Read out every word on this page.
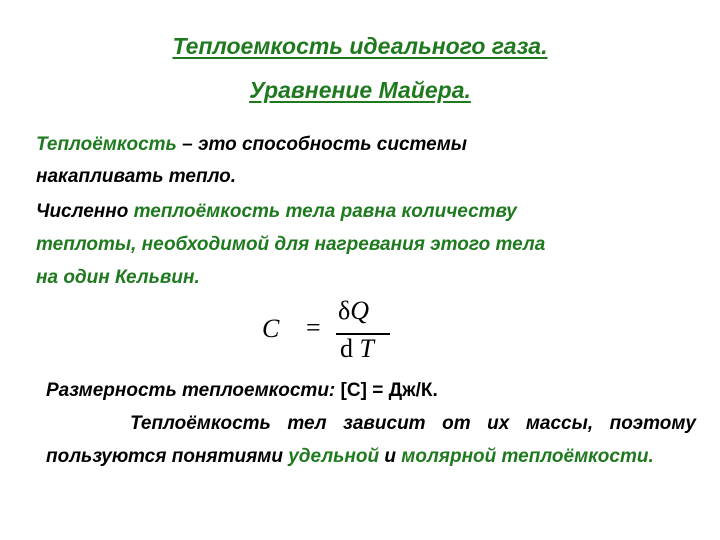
Теплоемкость идеального газа.
Уравнение Майера.
Теплоёмкость – это способность системы
накапливать тепло.
Численно теплоёмкость тела равна количеству
теплоты, необходимой для нагревания этого тела
на один Кельвин.
C =
δQ
d T
Размерность теплоемкости: [C] = Дж/К.
Теплоёмкость тел зависит от их массы, поэтому пользуются понятиями удельной и молярной теплоёмкости.
